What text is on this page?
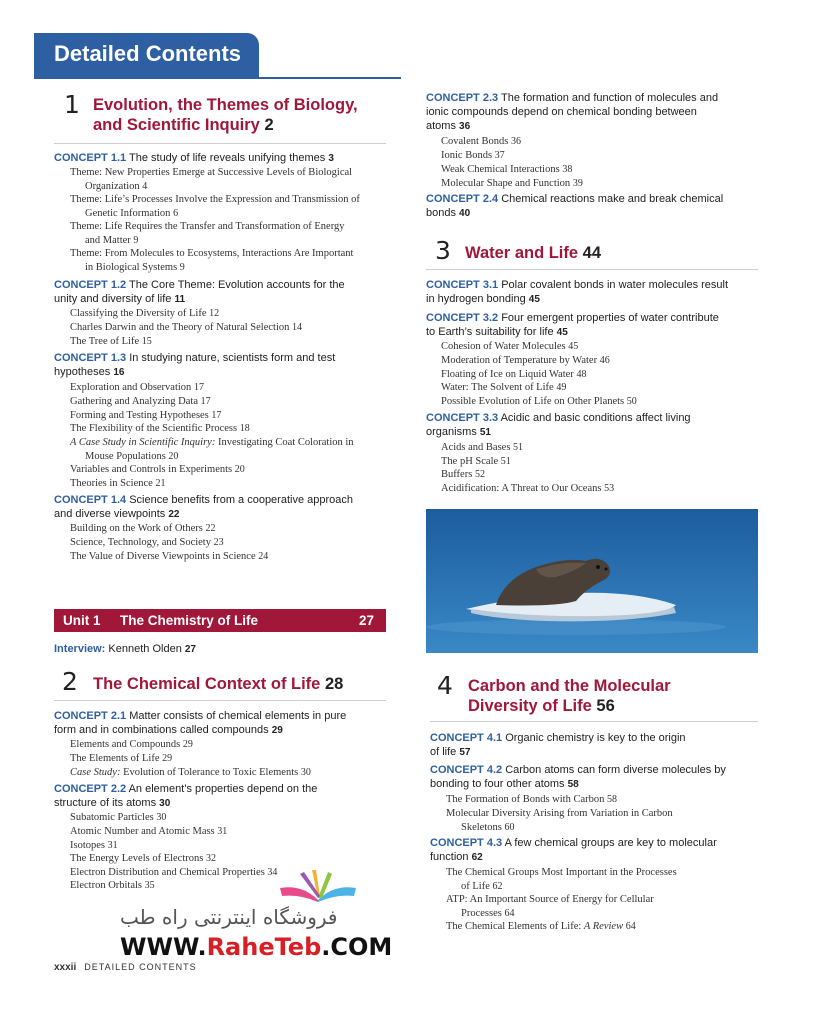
Detailed Contents
1 Evolution, the Themes of Biology,
and Scientific Inquiry 2
CONCEPT 1.1 The study of life reveals unifying themes 3
Theme: New Properties Emerge at Successive Levels of Biological
Organization 4
Theme: Life’s Processes Involve the Expression and Transmission of
Genetic Information 6
Theme: Life Requires the Transfer and Transformation of Energy
and Matter 9
Theme: From Molecules to Ecosystems, Interactions Are Important
in Biological Systems 9
CONCEPT 1.2 The Core Theme: Evolution accounts for the
unity and diversity of life 11
Classifying the Diversity of Life 12
Charles Darwin and the Theory of Natural Selection 14
The Tree of Life 15
CONCEPT 1.3 In studying nature, scientists form and test
hypotheses 16
Exploration and Observation 17
Gathering and Analyzing Data 17
Forming and Testing Hypotheses 17
The Flexibility of the Scientific Process 18
A Case Study in Scientific Inquiry: Investigating Coat Coloration in
Mouse Populations 20
Variables and Controls in Experiments 20
Theories in Science 21
CONCEPT 1.4 Science benefits from a cooperative approach
and diverse viewpoints 22
Building on the Work of Others 22
Science, Technology, and Society 23
The Value of Diverse Viewpoints in Science 24
Unit 1 The Chemistry of Life	27
Interview: Kenneth Olden 27
2 The Chemical Context of Life 28
CONCEPT 2.1 Matter consists of chemical elements in pure
form and in combinations called compounds 29
Elements and Compounds 29
The Elements of Life 29
Case Study: Evolution of Tolerance to Toxic Elements 30
CONCEPT 2.2 An element’s properties depend on the
structure of its atoms 30
Subatomic Particles 30
Atomic Number and Atomic Mass 31
Isotopes 31
The Energy Levels of Electrons 32
Electron Distribution and Chemical Properties 34
Electron Orbitals 35
CONCEPT 2.3 The formation and function of molecules and
ionic compounds depend on chemical bonding between
atoms 36
Covalent Bonds 36
Ionic Bonds 37
Weak Chemical Interactions 38
Molecular Shape and Function 39
CONCEPT 2.4 Chemical reactions make and break chemical
bonds 40
3 Water and Life 44
CONCEPT 3.1 Polar covalent bonds in water molecules result
in hydrogen bonding 45
CONCEPT 3.2 Four emergent properties of water contribute
to Earth’s suitability for life 45
Cohesion of Water Molecules 45
Moderation of Temperature by Water 46
Floating of Ice on Liquid Water 48
Water: The Solvent of Life 49
Possible Evolution of Life on Other Planets 50
CONCEPT 3.3 Acidic and basic conditions affect living
organisms 51
Acids and Bases 51
The pH Scale 51
Buffers 52
Acidification: A Threat to Our Oceans 53
4 Carbon and the Molecular
Diversity of Life 56
CONCEPT 4.1 Organic chemistry is key to the origin
of life 57
CONCEPT 4.2 Carbon atoms can form diverse molecules by
bonding to four other atoms 58
The Formation of Bonds with Carbon 58
Molecular Diversity Arising from Variation in Carbon
Skeletons 60
CONCEPT 4.3 A few chemical groups are key to molecular
function 62
The Chemical Groups Most Important in the Processes
of Life 62
ATP: An Important Source of Energy for Cellular
Processes 64
The Chemical Elements of Life: A Review 64
فروشگاه اینترنتی راه طب
WWW.RaheTeb.COM
xxxii DETAILED CONTENTS
